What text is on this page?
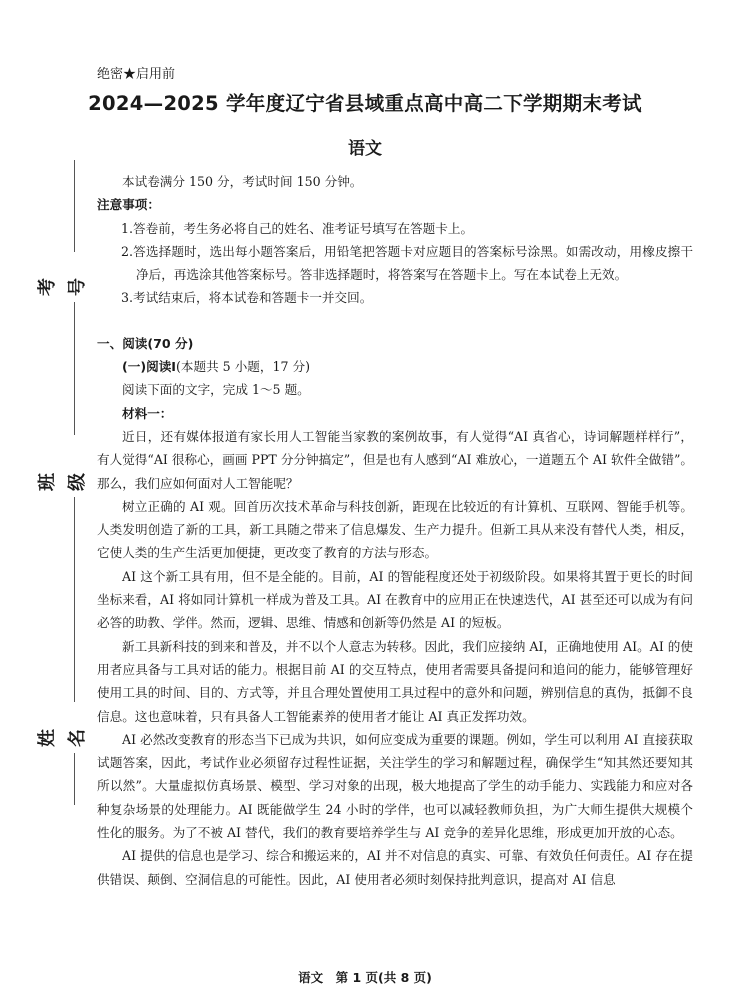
绝密★启用前
2024—2025 学年度辽宁省县域重点高中高二下学期期末考试
语文
考号
班级
姓名

本试卷满分 150 分，考试时间 150 分钟。

注意事项：

1.答卷前，考生务必将自己的姓名、准考证号填写在答题卡上。

2.答选择题时，选出每小题答案后，用铅笔把答题卡对应题目的答案标号涂黑。如需改动，用橡皮擦干净后，再选涂其他答案标号。答非选择题时，将答案写在答题卡上。写在本试卷上无效。

3.考试结束后，将本试卷和答题卡一并交回。

一、阅读(70 分)

(一)阅读Ⅰ(本题共 5 小题，17 分)

阅读下面的文字，完成 1～5 题。

材料一：

近日，还有媒体报道有家长用人工智能当家教的案例故事，有人觉得“AI 真省心，诗词解题样样行”，有人觉得“AI 很称心，画画 PPT 分分钟搞定”，但是也有人感到“AI 难放心，一道题五个 AI 软件全做错”。那么，我们应如何面对人工智能呢？

树立正确的 AI 观。回首历次技术革命与科技创新，距现在比较近的有计算机、互联网、智能手机等。人类发明创造了新的工具，新工具随之带来了信息爆发、生产力提升。但新工具从来没有替代人类，相反，它使人类的生产生活更加便捷，更改变了教育的方法与形态。

AI 这个新工具有用，但不是全能的。目前，AI 的智能程度还处于初级阶段。如果将其置于更长的时间坐标来看，AI 将如同计算机一样成为普及工具。AI 在教育中的应用正在快速迭代，AI 甚至还可以成为有问必答的助教、学伴。然而，逻辑、思维、情感和创新等仍然是 AI 的短板。

新工具新科技的到来和普及，并不以个人意志为转移。因此，我们应接纳 AI，正确地使用 AI。AI 的使用者应具备与工具对话的能力。根据目前 AI 的交互特点，使用者需要具备提问和追问的能力，能够管理好使用工具的时间、目的、方式等，并且合理处置使用工具过程中的意外和问题，辨别信息的真伪，抵御不良信息。这也意味着，只有具备人工智能素养的使用者才能让 AI 真正发挥功效。

AI 必然改变教育的形态当下已成为共识，如何应变成为重要的课题。例如，学生可以利用 AI 直接获取试题答案，因此，考试作业必须留存过程性证据，关注学生的学习和解题过程，确保学生“知其然还要知其所以然”。大量虚拟仿真场景、模型、学习对象的出现，极大地提高了学生的动手能力、实践能力和应对各种复杂场景的处理能力。AI 既能做学生 24 小时的学伴，也可以减轻教师负担，为广大师生提供大规模个性化的服务。为了不被 AI 替代，我们的教育要培养学生与 AI 竞争的差异化思维，形成更加开放的心态。

AI 提供的信息也是学习、综合和搬运来的，AI 并不对信息的真实、可靠、有效负任何责任。AI 存在提供错误、颠倒、空洞信息的可能性。因此，AI 使用者必须时刻保持批判意识，提高对 AI 信息

语文　第 1 页(共 8 页)
